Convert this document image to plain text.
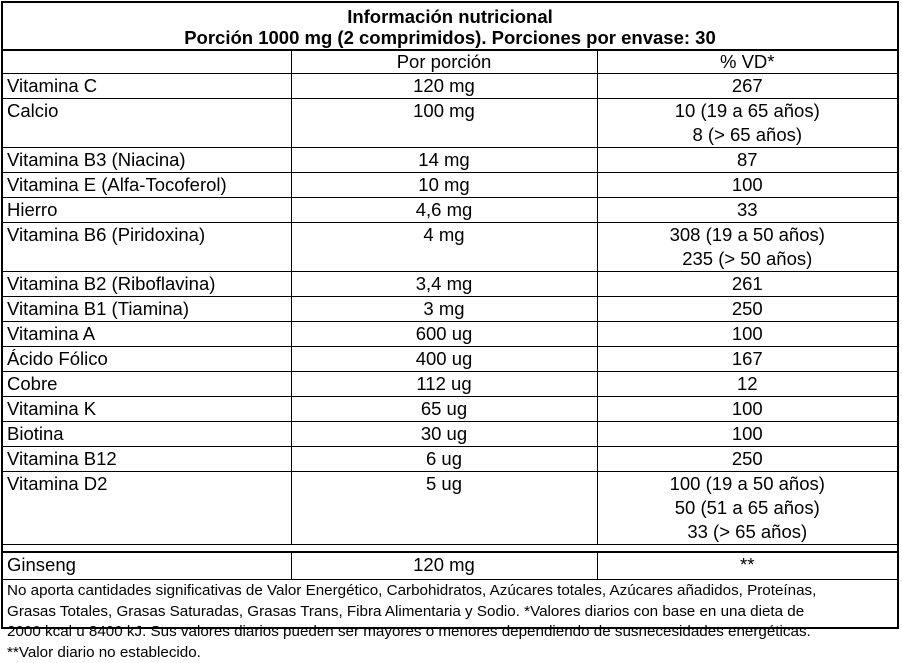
Información nutricional
Porción 1000 mg (2 comprimidos). Porciones por envase: 30
	Por porción	% VD*
Vitamina C	120 mg	267

Calcio	100 mg	10 (19 a 65 años)
8 (> 65 años)

Vitamina B3 (Niacina)	14 mg	87

Vitamina E (Alfa-Tocoferol)	10 mg	100

Hierro	4,6 mg	33

Vitamina B6 (Piridoxina)	4 mg	308 (19 a 50 años)
235 (> 50 años)

Vitamina B2 (Riboflavina)	3,4 mg	261

Vitamina B1 (Tiamina)	3 mg	250

Vitamina A	600 ug	100

Ácido Fólico	400 ug	167

Cobre	112 ug	12

Vitamina K	65 ug	100

Biotina	30 ug	100

Vitamina B12	6 ug	250

Vitamina D2	5 ug	100 (19 a 50 años)
50 (51 a 65 años)
33 (> 65 años)
Ginseng	120 mg	**
No aporta cantidades significativas de Valor Energético, Carbohidratos, Azúcares totales, Azúcares añadidos, Proteínas,
Grasas Totales, Grasas Saturadas, Grasas Trans, Fibra Alimentaria y Sodio. *Valores diarios con base en una dieta de
2000 kcal u 8400 kJ. Sus valores diarios pueden ser mayores o menores dependiendo de susnecesidades energéticas.
**Valor diario no establecido.
